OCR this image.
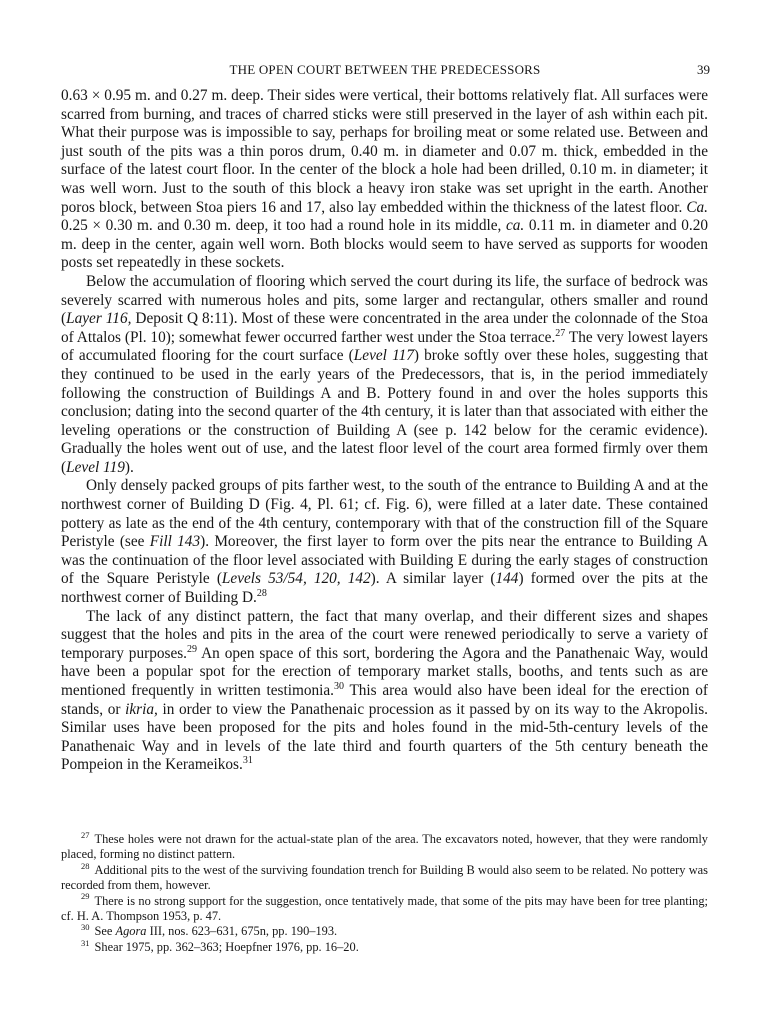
THE OPEN COURT BETWEEN THE PREDECESSORS	39

0.63 × 0.95 m. and 0.27 m. deep. Their sides were vertical, their bottoms relatively flat. All surfaces were scarred from burning, and traces of charred sticks were still preserved in the layer of ash within each pit. What their purpose was is impossible to say, perhaps for broiling meat or some related use. Between and just south of the pits was a thin poros drum, 0.40 m. in diameter and 0.07 m. thick, embedded in the surface of the latest court floor. In the center of the block a hole had been drilled, 0.10 m. in diameter; it was well worn. Just to the south of this block a heavy iron stake was set upright in the earth. Another poros block, between Stoa piers 16 and 17, also lay embedded within the thickness of the latest floor. Ca. 0.25 × 0.30 m. and 0.30 m. deep, it too had a round hole in its middle, ca. 0.11 m. in diameter and 0.20 m. deep in the center, again well worn. Both blocks would seem to have served as supports for wooden posts set repeatedly in these sockets.

Below the accumulation of flooring which served the court during its life, the surface of bedrock was severely scarred with numerous holes and pits, some larger and rectangular, others smaller and round (Layer 116, Deposit Q 8:11). Most of these were concentrated in the area under the colonnade of the Stoa of Attalos (Pl. 10); somewhat fewer occurred farther west under the Stoa terrace.$^{27}$ The very lowest layers of accumulated flooring for the court surface (Level 117) broke softly over these holes, suggesting that they continued to be used in the early years of the Predecessors, that is, in the period immediately following the construction of Buildings A and B. Pottery found in and over the holes supports this conclusion; dating into the second quarter of the 4th century, it is later than that associated with either the leveling operations or the construction of Building A (see p. 142 below for the ceramic evidence). Gradually the holes went out of use, and the latest floor level of the court area formed firmly over them (Level 119).

Only densely packed groups of pits farther west, to the south of the entrance to Building A and at the northwest corner of Building D (Fig. 4, Pl. 61; cf. Fig. 6), were filled at a later date. These contained pottery as late as the end of the 4th century, contemporary with that of the construction fill of the Square Peristyle (see Fill 143). Moreover, the first layer to form over the pits near the entrance to Building A was the continuation of the floor level associated with Building E during the early stages of construction of the Square Peristyle (Levels 53/54, 120, 142). A similar layer (144) formed over the pits at the northwest corner of Building D.$^{28}$

The lack of any distinct pattern, the fact that many overlap, and their different sizes and shapes suggest that the holes and pits in the area of the court were renewed periodically to serve a variety of temporary purposes.$^{29}$ An open space of this sort, bordering the Agora and the Panathenaic Way, would have been a popular spot for the erection of temporary market stalls, booths, and tents such as are mentioned frequently in written testimonia.$^{30}$ This area would also have been ideal for the erection of stands, or ikria, in order to view the Panathenaic procession as it passed by on its way to the Akropolis. Similar uses have been proposed for the pits and holes found in the mid-5th-century levels of the Panathenaic Way and in levels of the late third and fourth quarters of the 5th century beneath the Pompeion in the Kerameikos.$^{31}$

$^{27}$ These holes were not drawn for the actual-state plan of the area. The excavators noted, however, that they were randomly placed, forming no distinct pattern.

$^{28}$ Additional pits to the west of the surviving foundation trench for Building B would also seem to be related. No pottery was recorded from them, however.

$^{29}$ There is no strong support for the suggestion, once tentatively made, that some of the pits may have been for tree planting; cf. H. A. Thompson 1953, p. 47.

$^{30}$ See Agora III, nos. 623–631, 675n, pp. 190–193.

$^{31}$ Shear 1975, pp. 362–363; Hoepfner 1976, pp. 16–20.
